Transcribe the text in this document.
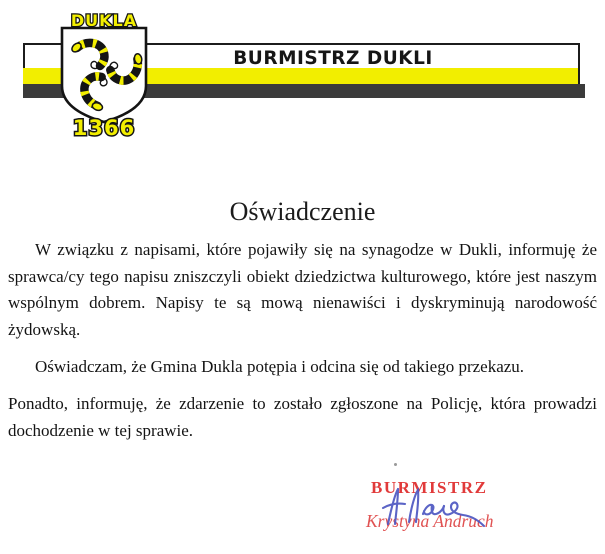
BURMISTRZ DUKLI
DUKLA
1366
Oświadczenie

W związku z napisami, które pojawiły się na synagodze w Dukli, informuję że sprawca/cy tego napisu zniszczyli obiekt dziedzictwa kulturowego, które jest naszym wspólnym dobrem. Napisy te są mową nienawiści i dyskryminują narodowość żydowską.

Oświadczam, że Gmina Dukla potępia i odcina się od takiego przekazu.

Ponadto, informuję, że zdarzenie to zostało zgłoszone na Policję, która prowadzi dochodzenie w tej sprawie.

BURMISTRZ
Krystyna Andruch
